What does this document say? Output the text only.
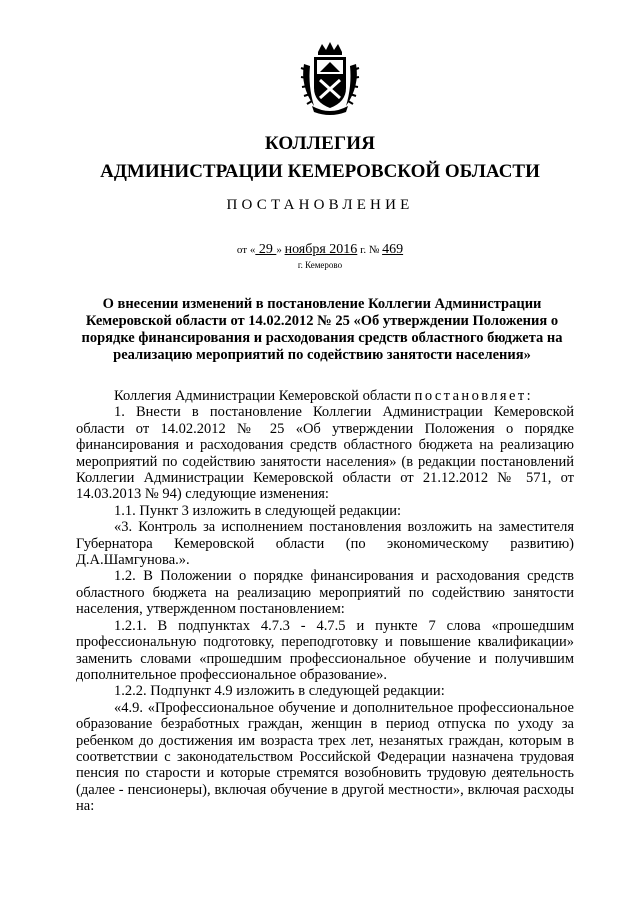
КОЛЛЕГИЯ
АДМИНИСТРАЦИИ КЕМЕРОВСКОЙ ОБЛАСТИ
ПОСТАНОВЛЕНИЕ
от « 29 » ноября 2016 г. № 469
г. Кемерово
О внесении изменений в постановление Коллегии Администрации Кемеровской области от 14.02.2012 № 25 «Об утверждении Положения о порядке финансирования и расходования средств областного бюджета на реализацию мероприятий по содействию занятости населения»

Коллегия Администрации Кемеровской области постановляет:

1. Внести в постановление Коллегии Администрации Кемеровской области от 14.02.2012 № 25 «Об утверждении Положения о порядке финансирования и расходования средств областного бюджета на реализацию мероприятий по содействию занятости населения» (в редакции постановлений Коллегии Администрации Кемеровской области от 21.12.2012 № 571, от 14.03.2013 № 94) следующие изменения:

1.1. Пункт 3 изложить в следующей редакции:

«3. Контроль за исполнением постановления возложить на заместителя Губернатора Кемеровской области (по экономическому развитию) Д.А.Шамгунова.».

1.2. В Положении о порядке финансирования и расходования средств областного бюджета на реализацию мероприятий по содействию занятости населения, утвержденном постановлением:

1.2.1. В подпунктах 4.7.3 - 4.7.5 и пункте 7 слова «прошедшим профессиональную подготовку, переподготовку и повышение квалификации» заменить словами «прошедшим профессиональное обучение и получившим дополнительное профессиональное образование».

1.2.2. Подпункт 4.9 изложить в следующей редакции:

«4.9. «Профессиональное обучение и дополнительное профессиональное образование безработных граждан, женщин в период отпуска по уходу за ребенком до достижения им возраста трех лет, незанятых граждан, которым в соответствии с законодательством Российской Федерации назначена трудовая пенсия по старости и которые стремятся возобновить трудовую деятельность (далее - пенсионеры), включая обучение в другой местности», включая расходы на:
